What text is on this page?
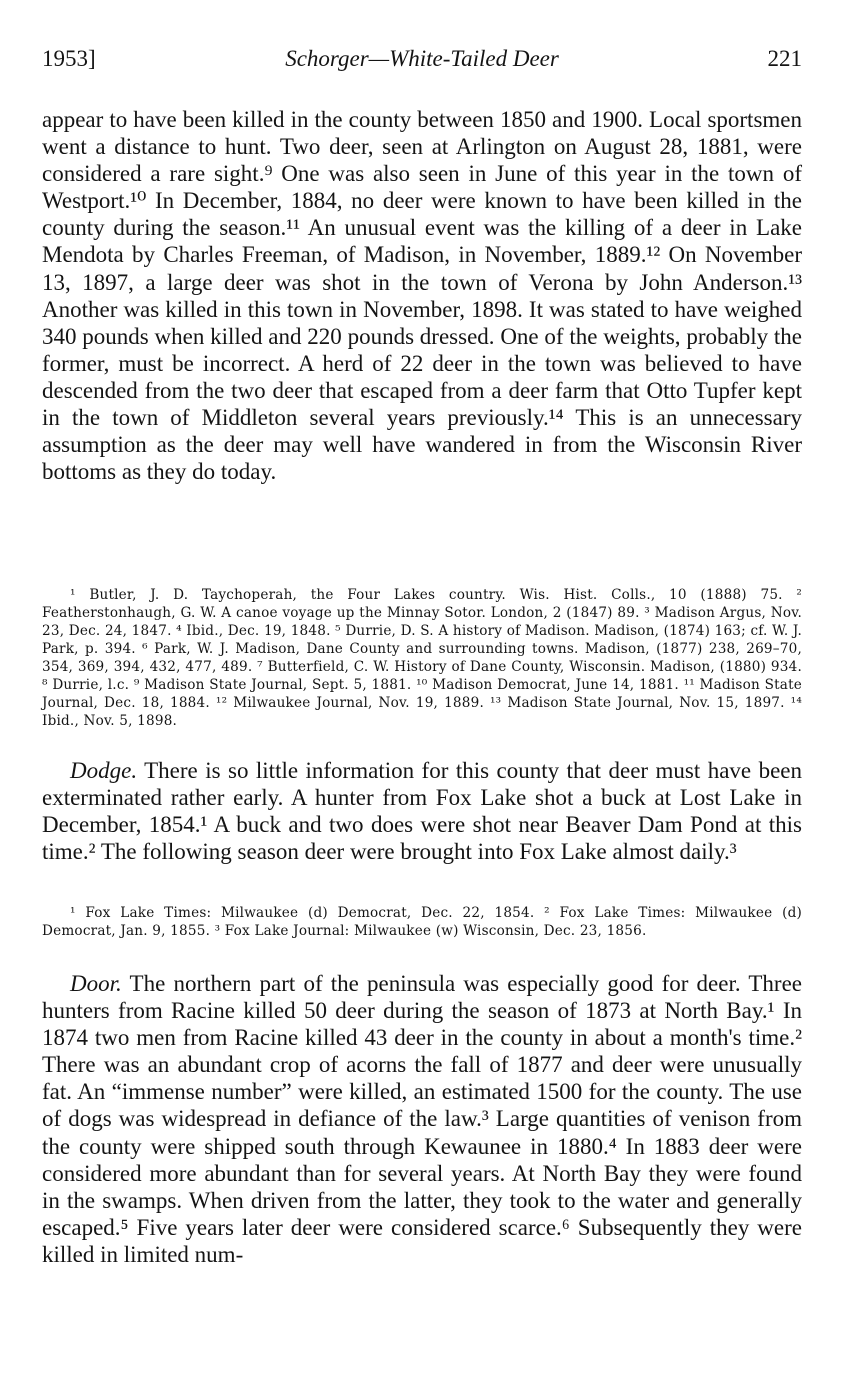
1953]	Schorger—White-Tailed Deer	221

appear to have been killed in the county between 1850 and 1900. Local sportsmen went a distance to hunt. Two deer, seen at Arlington on August 28, 1881, were considered a rare sight.⁹ One was also seen in June of this year in the town of Westport.¹⁰ In December, 1884, no deer were known to have been killed in the county during the season.¹¹ An unusual event was the killing of a deer in Lake Mendota by Charles Freeman, of Madison, in November, 1889.¹² On November 13, 1897, a large deer was shot in the town of Verona by John Anderson.¹³ Another was killed in this town in November, 1898. It was stated to have weighed 340 pounds when killed and 220 pounds dressed. One of the weights, probably the former, must be incorrect. A herd of 22 deer in the town was believed to have descended from the two deer that escaped from a deer farm that Otto Tupfer kept in the town of Middleton several years previously.¹⁴ This is an unnecessary assumption as the deer may well have wandered in from the Wisconsin River bottoms as they do today.

¹ Butler, J. D. Taychoperah, the Four Lakes country. Wis. Hist. Colls., 10 (1888) 75. ² Featherstonhaugh, G. W. A canoe voyage up the Minnay Sotor. London, 2 (1847) 89. ³ Madison Argus, Nov. 23, Dec. 24, 1847. ⁴ Ibid., Dec. 19, 1848. ⁵ Durrie, D. S. A history of Madison. Madison, (1874) 163; cf. W. J. Park, p. 394. ⁶ Park, W. J. Madison, Dane County and surrounding towns. Madison, (1877) 238, 269–70, 354, 369, 394, 432, 477, 489. ⁷ Butterfield, C. W. History of Dane County, Wisconsin. Madison, (1880) 934. ⁸ Durrie, l.c. ⁹ Madison State Journal, Sept. 5, 1881. ¹⁰ Madison Democrat, June 14, 1881. ¹¹ Madison State Journal, Dec. 18, 1884. ¹² Milwaukee Journal, Nov. 19, 1889. ¹³ Madison State Journal, Nov. 15, 1897. ¹⁴ Ibid., Nov. 5, 1898.

Dodge. There is so little information for this county that deer must have been exterminated rather early. A hunter from Fox Lake shot a buck at Lost Lake in December, 1854.¹ A buck and two does were shot near Beaver Dam Pond at this time.² The following season deer were brought into Fox Lake almost daily.³

¹ Fox Lake Times: Milwaukee (d) Democrat, Dec. 22, 1854. ² Fox Lake Times: Milwaukee (d) Democrat, Jan. 9, 1855. ³ Fox Lake Journal: Milwaukee (w) Wisconsin, Dec. 23, 1856.

Door. The northern part of the peninsula was especially good for deer. Three hunters from Racine killed 50 deer during the season of 1873 at North Bay.¹ In 1874 two men from Racine killed 43 deer in the county in about a month's time.² There was an abundant crop of acorns the fall of 1877 and deer were unusually fat. An “immense number” were killed, an estimated 1500 for the county. The use of dogs was widespread in defiance of the law.³ Large quantities of venison from the county were shipped south through Kewaunee in 1880.⁴ In 1883 deer were considered more abundant than for several years. At North Bay they were found in the swamps. When driven from the latter, they took to the water and generally escaped.⁵ Five years later deer were considered scarce.⁶ Subsequently they were killed in limited num-
